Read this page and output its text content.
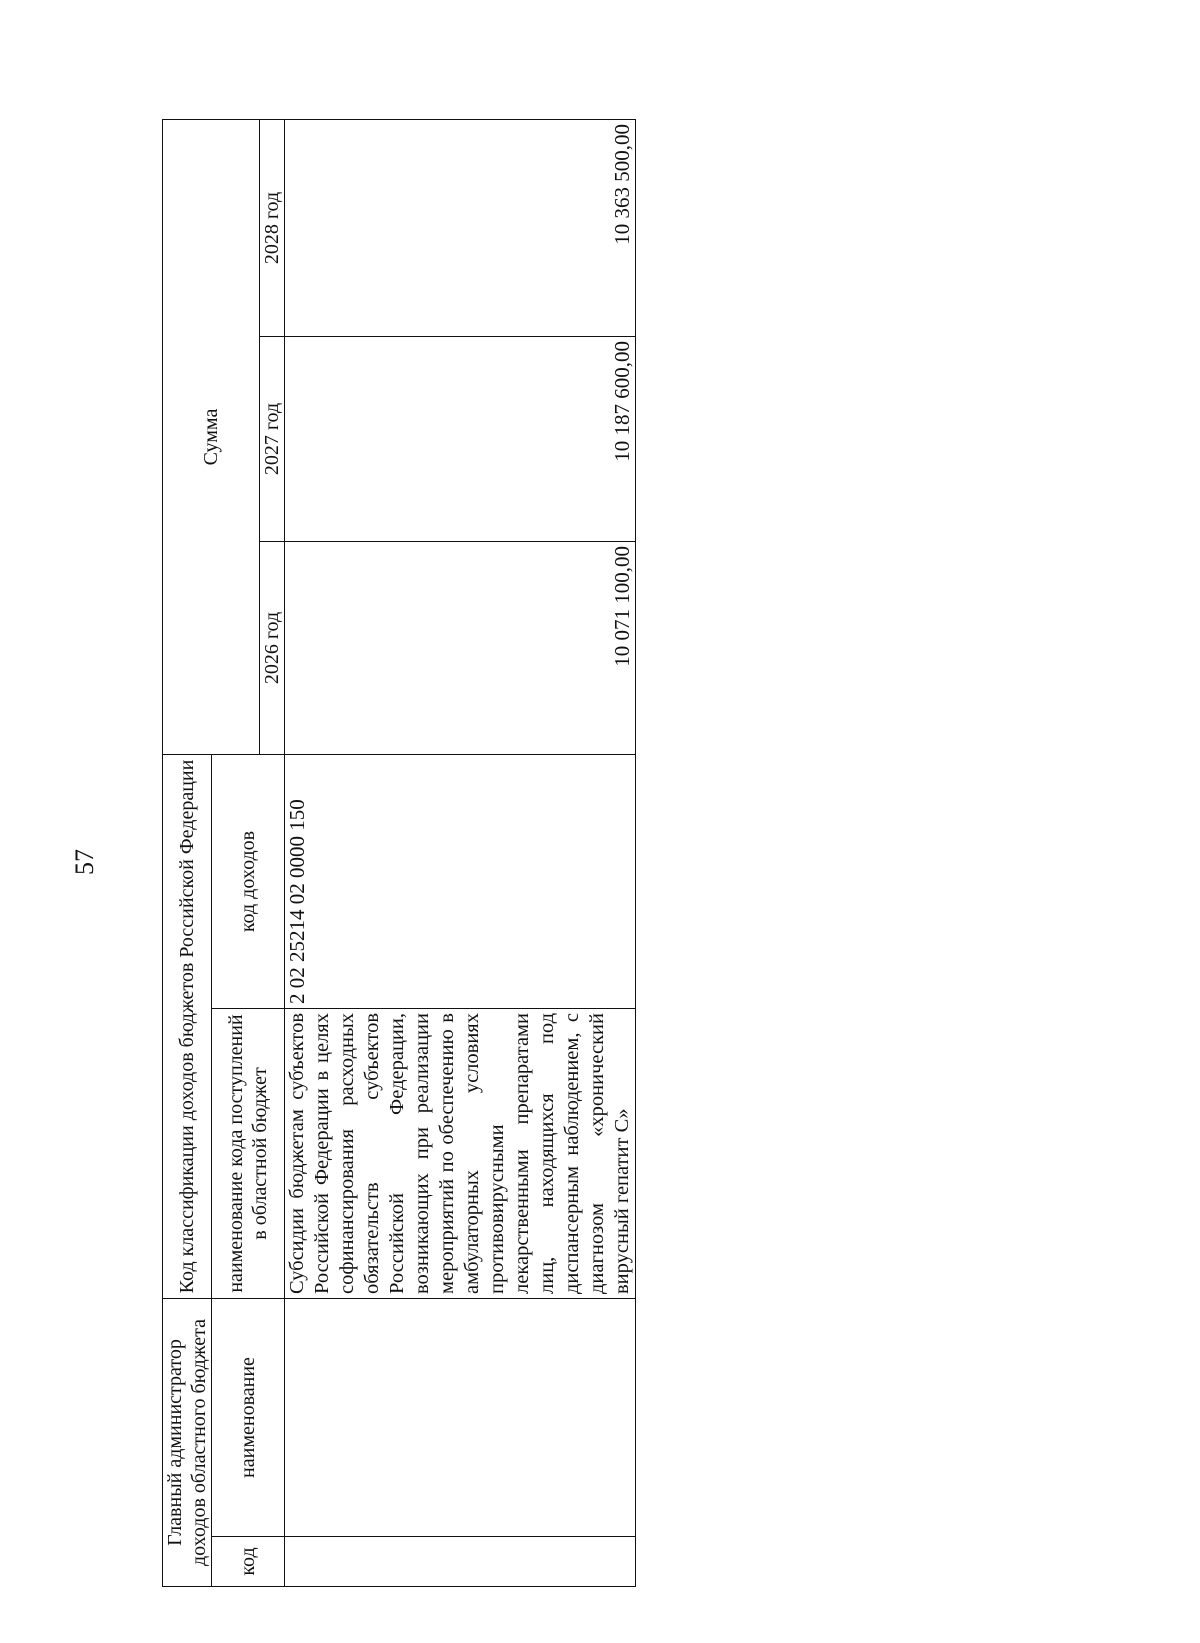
57
Главный администратор доходов областного бюджета		Код классификации доходов бюджетов Российской Федерации		Сумма		
код	наименование	наименование кода поступлений в областной бюджет	код доходов			
				2026 год	2027 год	2028 год
		Субсидии бюджетам субъектов Российской Федерации в целях софинансирования расходных обязательств субъектов Российской Федерации, возникающих при реализации мероприятий по обеспечению в амбулаторных условиях противовирусными лекарственными препаратами лиц, находящихся под диспансерным наблюдением, с диагнозом «хронический вирусный гепатит С»	2 02 25214 02 0000 150	10 071 100,00	10 187 600,00	10 363 500,00
